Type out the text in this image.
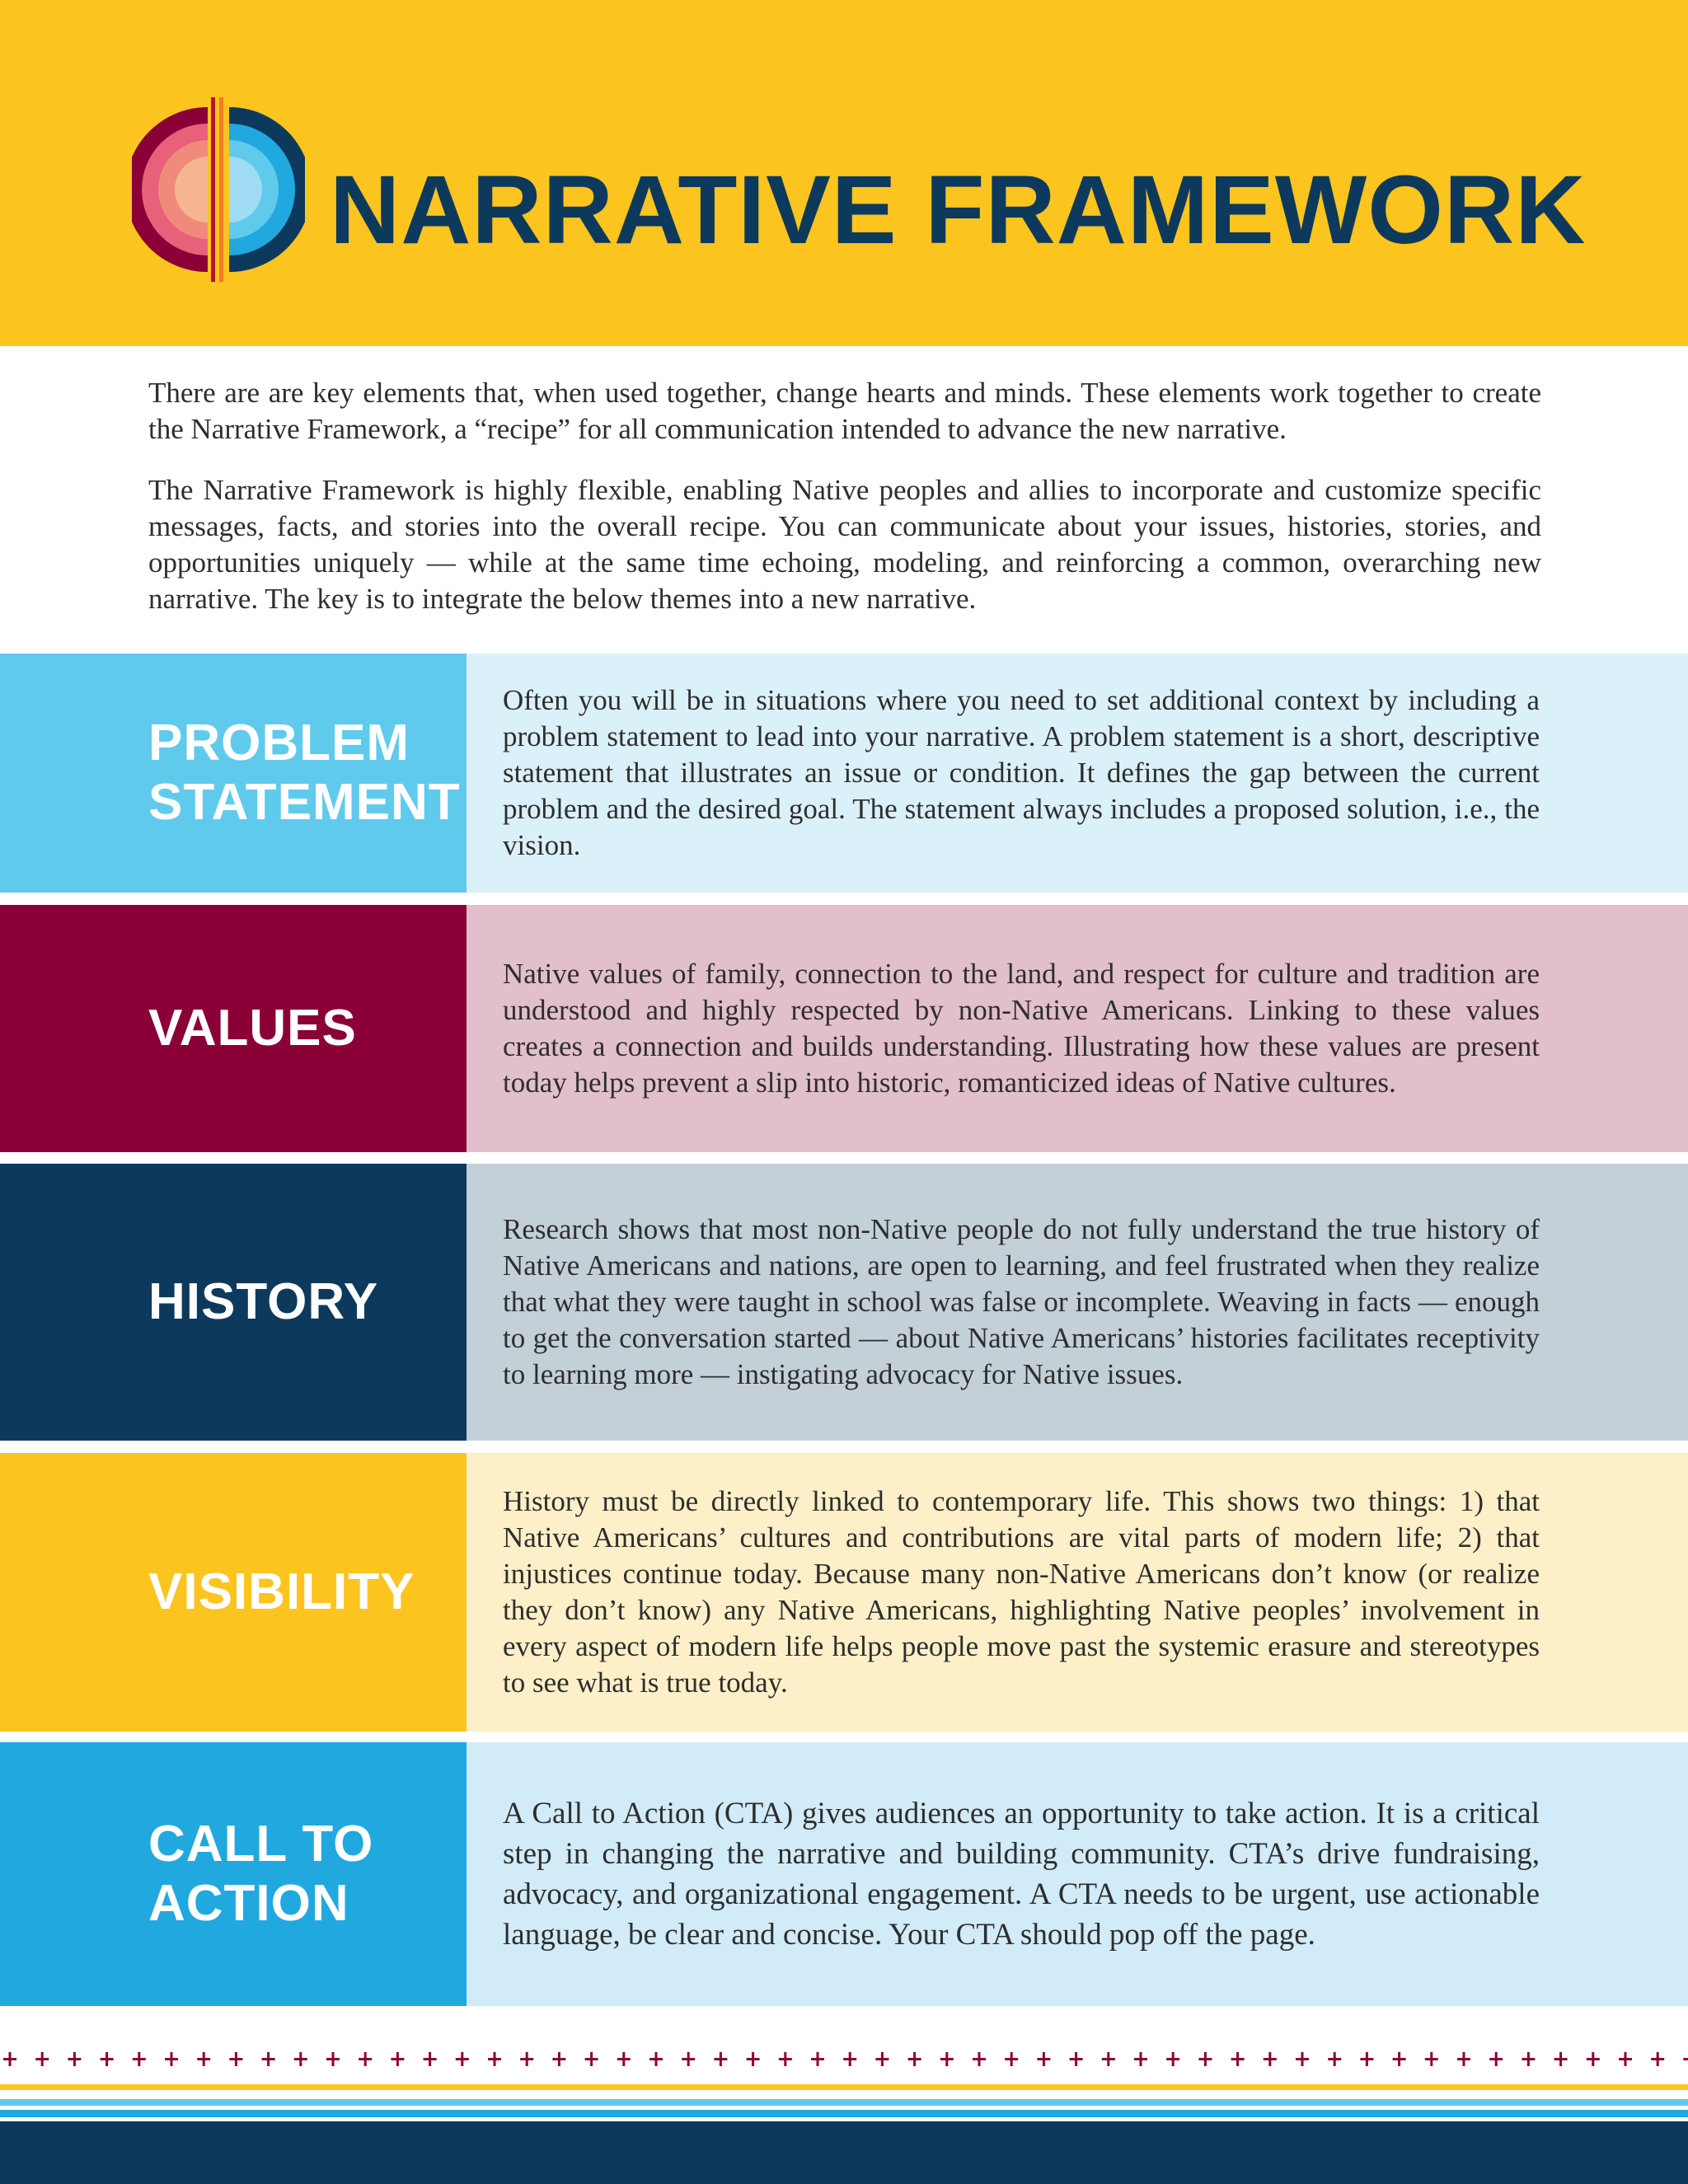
NARRATIVE FRAMEWORK

There are are key elements that, when used together, change hearts and minds. These elements work together to create the Narrative Framework, a “recipe” for all communication intended to advance the new narrative.

The Narrative Framework is highly flexible, enabling Native peoples and allies to incorporate and customize specific messages, facts, and stories into the overall recipe. You can communicate about your issues, histories, stories, and opportunities uniquely — while at the same time echoing, modeling, and reinforcing a common, overarching new narrative. The key is to integrate the below themes into a new narrative.

PROBLEM
STATEMENT

Often you will be in situations where you need to set additional context by including a problem statement to lead into your narrative. A problem statement is a short, descriptive statement that illustrates an issue or condition. It defines the gap between the current problem and the desired goal. The statement always includes a proposed solution, i.e., the vision.

VALUES

Native values of family, connection to the land, and respect for culture and tradition are understood and highly respected by non-Native Americans. Linking to these values creates a connection and builds understanding. Illustrating how these values are present today helps prevent a slip into historic, romanticized ideas of Native cultures.

HISTORY

Research shows that most non-Native people do not fully understand the true history of Native Americans and nations, are open to learning, and feel frustrated when they realize that what they were taught in school was false or incomplete. Weaving in facts — enough to get the conversation started — about Native Americans’ histories facilitates receptivity to learning more — instigating advocacy for Native issues.

VISIBILITY

History must be directly linked to contemporary life. This shows two things: 1) that Native Americans’ cultures and contributions are vital parts of modern life; 2) that injustices continue today. Because many non-Native Americans don’t know (or realize they don’t know) any Native Americans, highlighting Native peoples’ involvement in every aspect of modern life helps people move past the systemic erasure and stereotypes to see what is true today.

CALL TO
ACTION

A Call to Action (CTA) gives audiences an opportunity to take action. It is a critical step in changing the narrative and building community. CTA’s drive fundraising, advocacy, and organizational engagement. A CTA needs to be urgent, use actionable language, be clear and concise. Your CTA should pop off the page.
